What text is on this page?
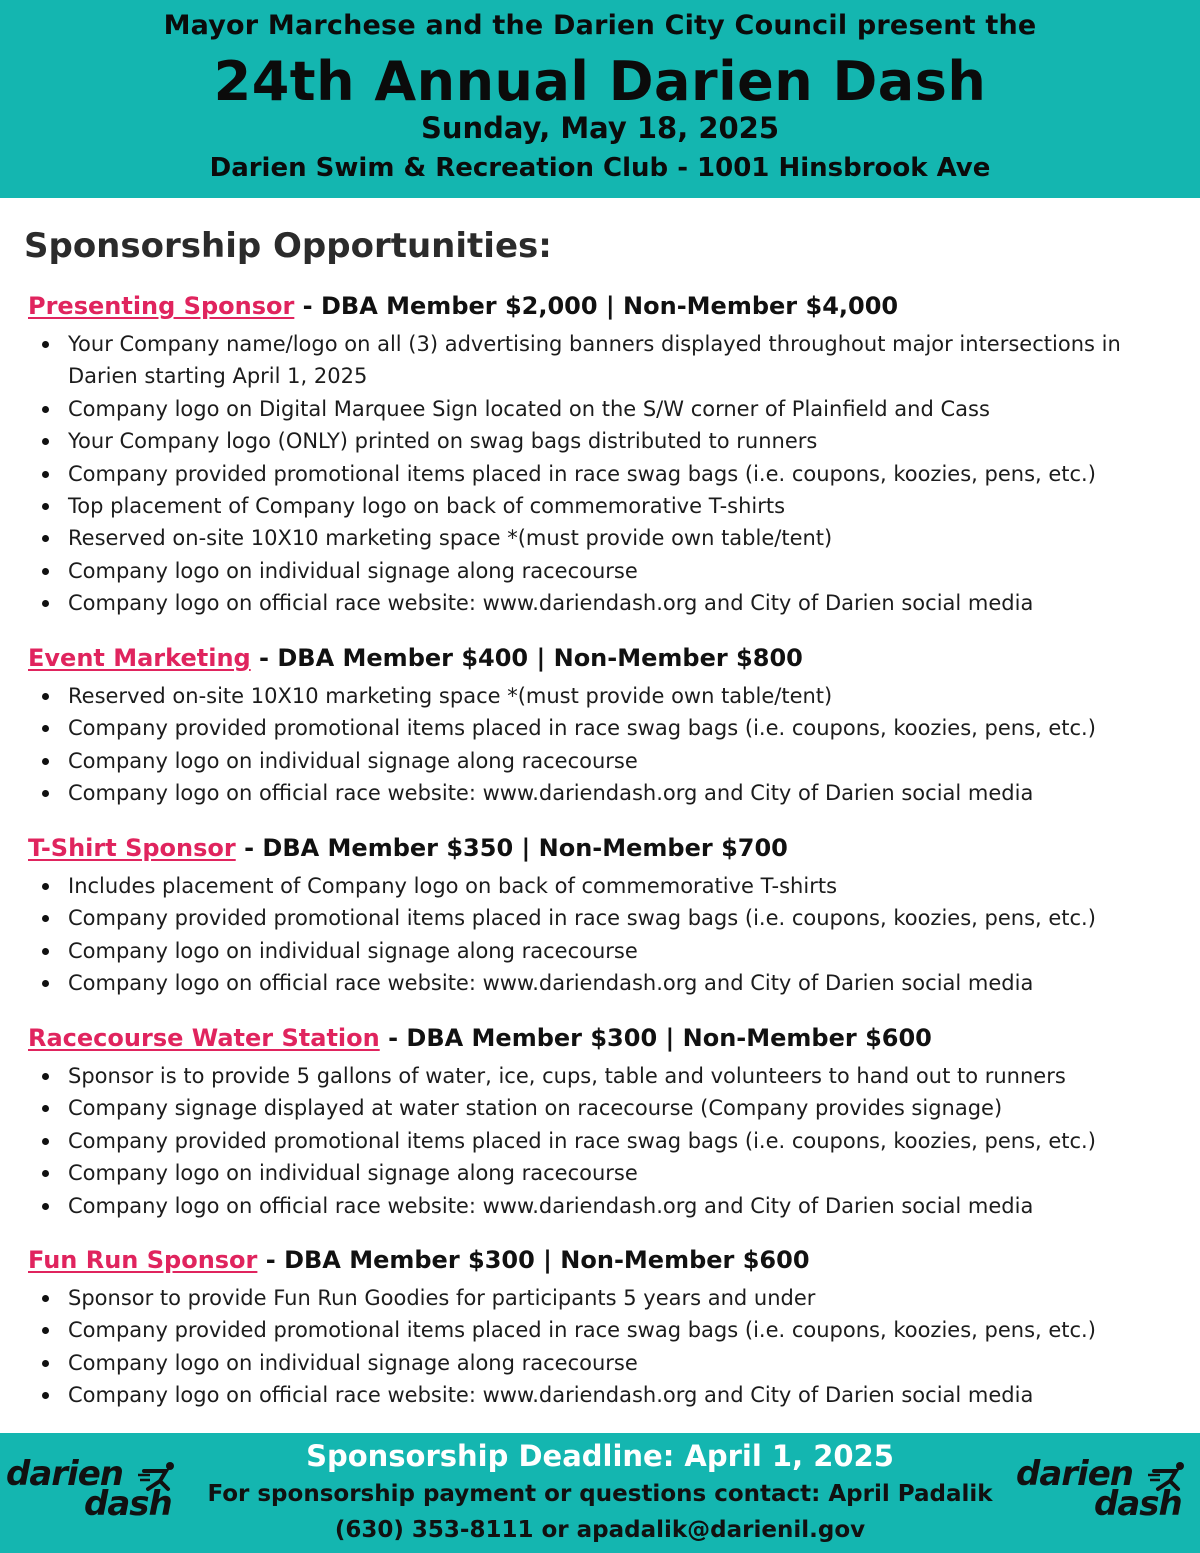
Mayor Marchese and the Darien City Council present the
24th Annual Darien Dash
Sunday, May 18, 2025
Darien Swim & Recreation Club - 1001 Hinsbrook Ave
Sponsorship Opportunities:
Presenting Sponsor - DBA Member $2,000 | Non-Member $4,000
Your Company name/logo on all (3) advertising banners displayed throughout major intersections in Darien starting April 1, 2025
Company logo on Digital Marquee Sign located on the S/W corner of Plainfield and Cass
Your Company logo (ONLY) printed on swag bags distributed to runners
Company provided promotional items placed in race swag bags (i.e. coupons, koozies, pens, etc.)
Top placement of Company logo on back of commemorative T-shirts
Reserved on-site 10X10 marketing space *(must provide own table/tent)
Company logo on individual signage along racecourse
Company logo on official race website: www.dariendash.org and City of Darien social media
Event Marketing - DBA Member $400 | Non-Member $800
Reserved on-site 10X10 marketing space *(must provide own table/tent)
Company provided promotional items placed in race swag bags (i.e. coupons, koozies, pens, etc.)
Company logo on individual signage along racecourse
Company logo on official race website: www.dariendash.org and City of Darien social media
T-Shirt Sponsor - DBA Member $350 | Non-Member $700
Includes placement of Company logo on back of commemorative T-shirts
Company provided promotional items placed in race swag bags (i.e. coupons, koozies, pens, etc.)
Company logo on individual signage along racecourse
Company logo on official race website: www.dariendash.org and City of Darien social media
Racecourse Water Station - DBA Member $300 | Non-Member $600
Sponsor is to provide 5 gallons of water, ice, cups, table and volunteers to hand out to runners
Company signage displayed at water station on racecourse (Company provides signage)
Company provided promotional items placed in race swag bags (i.e. coupons, koozies, pens, etc.)
Company logo on individual signage along racecourse
Company logo on official race website: www.dariendash.org and City of Darien social media
Fun Run Sponsor - DBA Member $300 | Non-Member $600
Sponsor to provide Fun Run Goodies for participants 5 years and under
Company provided promotional items placed in race swag bags (i.e. coupons, koozies, pens, etc.)
Company logo on individual signage along racecourse
Company logo on official race website: www.dariendash.org and City of Darien social media
darien
dash
Sponsorship Deadline: April 1, 2025
For sponsorship payment or questions contact: April Padalik
(630) 353-8111 or apadalik@darienil.gov
darien
dash
